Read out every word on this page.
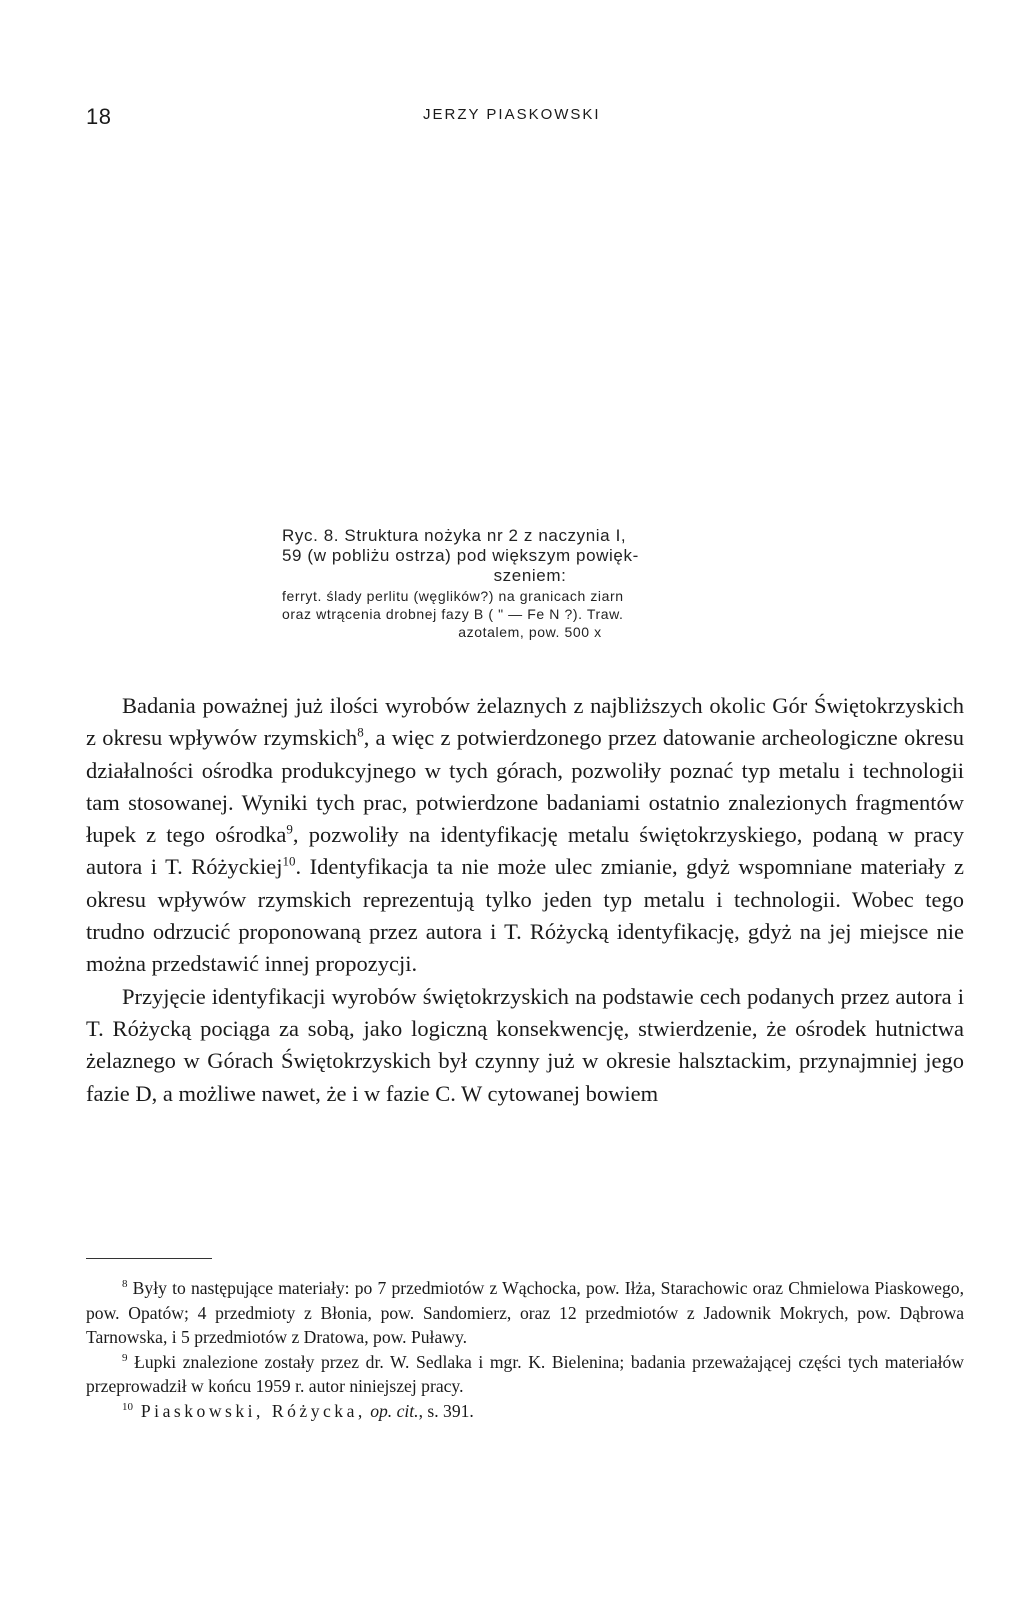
18	JERZY PIASKOWSKI
Ryc. 8. Struktura nożyka nr 2 z naczynia I,
59 (w pobliżu ostrza) pod większym powięk-

szeniem:
ferryt. ślady perlitu (węglików?) na granicach ziarn
oraz wtrącenia drobnej fazy B ( " — Fe N ?). Traw.

azotalem, pow. 500 x

Badania poważnej już ilości wyrobów żelaznych z najbliższych okolic Gór Świętokrzyskich z okresu wpływów rzymskich$^8$, a więc z potwierdzonego przez datowanie archeologiczne okresu działalności ośrodka produkcyjnego w tych górach, pozwoliły poznać typ metalu i technologii tam stosowanej. Wyniki tych prac, potwierdzone badaniami ostatnio znalezionych fragmentów łupek z tego ośrodka$^9$, pozwoliły na identyfikację metalu świętokrzyskiego, podaną w pracy autora i T. Różyckiej$^{10}$. Identyfikacja ta nie może ulec zmianie, gdyż wspomniane materiały z okresu wpływów rzymskich reprezentują tylko jeden typ metalu i technologii. Wobec tego trudno odrzucić proponowaną przez autora i T. Różycką identyfikację, gdyż na jej miejsce nie można przedstawić innej propozycji.

Przyjęcie identyfikacji wyrobów świętokrzyskich na podstawie cech podanych przez autora i T. Różycką pociąga za sobą, jako logiczną konsekwencję, stwierdzenie, że ośrodek hutnictwa żelaznego w Górach Świętokrzyskich był czynny już w okresie halsztackim, przynajmniej jego fazie D, a możliwe nawet, że i w fazie C. W cytowanej bowiem

$^8$ Były to następujące materiały: po 7 przedmiotów z Wąchocka, pow. Iłża, Starachowic oraz Chmielowa Piaskowego, pow. Opatów; 4 przedmioty z Błonia, pow. Sandomierz, oraz 12 przedmiotów z Jadownik Mokrych, pow. Dąbrowa Tarnowska, i 5 przedmiotów z Dratowa, pow. Puławy.

$^9$ Łupki znalezione zostały przez dr. W. Sedlaka i mgr. K. Bielenina; badania przeważającej części tych materiałów przeprowadził w końcu 1959 r. autor niniejszej pracy.

$^{10}$ Piaskowski, Różycka, op. cit., s. 391.
